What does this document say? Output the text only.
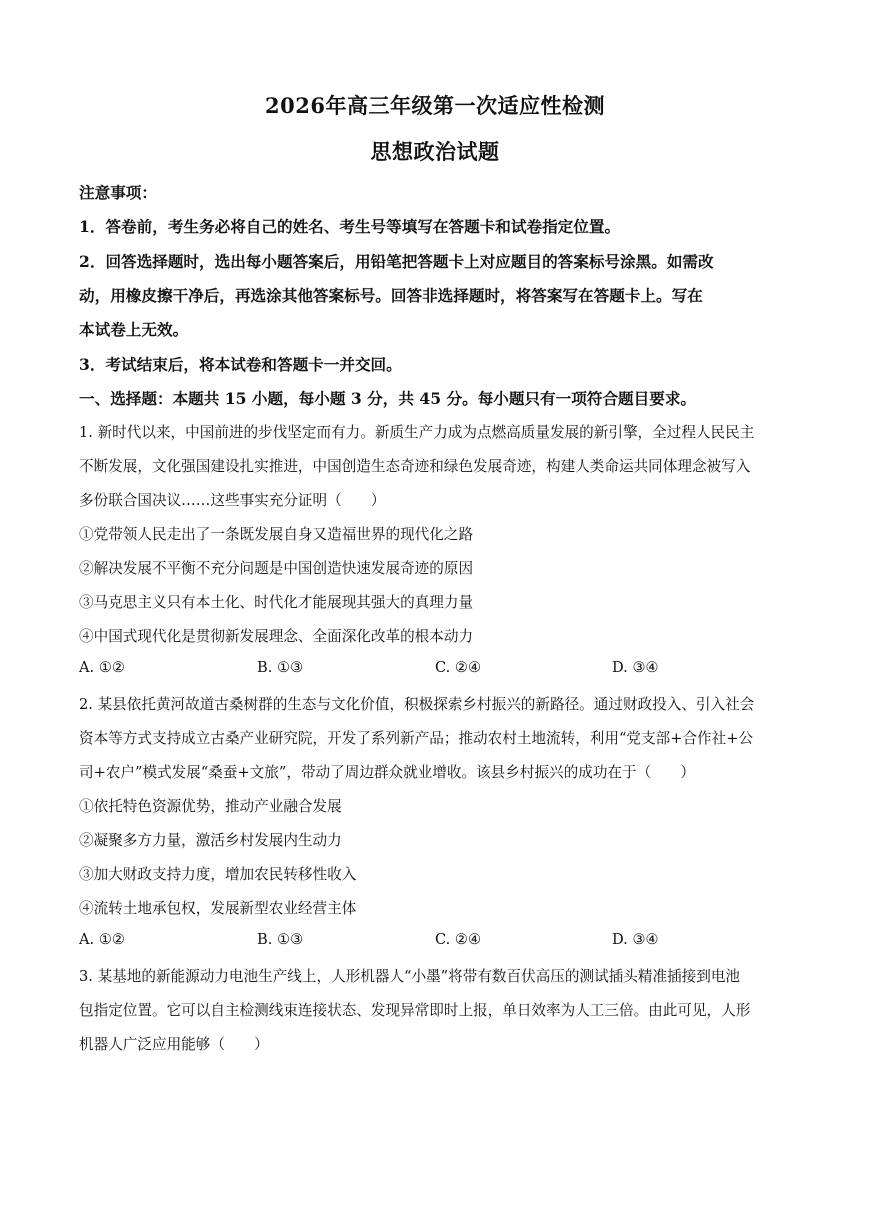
2026年高三年级第一次适应性检测
思想政治试题
注意事项：
1．答卷前，考生务必将自己的姓名、考生号等填写在答题卡和试卷指定位置。
2．回答选择题时，选出每小题答案后，用铅笔把答题卡上对应题目的答案标号涂黑。如需改
动，用橡皮擦干净后，再选涂其他答案标号。回答非选择题时，将答案写在答题卡上。写在
本试卷上无效。
3．考试结束后，将本试卷和答题卡一并交回。
一、选择题：本题共 15 小题，每小题 3 分，共 45 分。每小题只有一项符合题目要求。
1. 新时代以来，中国前进的步伐坚定而有力。新质生产力成为点燃高质量发展的新引擎，全过程人民民主
不断发展，文化强国建设扎实推进，中国创造生态奇迹和绿色发展奇迹，构建人类命运共同体理念被写入
多份联合国决议……这些事实充分证明（　　）
①党带领人民走出了一条既发展自身又造福世界的现代化之路
②解决发展不平衡不充分问题是中国创造快速发展奇迹的原因
③马克思主义只有本土化、时代化才能展现其强大的真理力量
④中国式现代化是贯彻新发展理念、全面深化改革的根本动力
A. ①②	B. ①③	C. ②④	D. ③④
2. 某县依托黄河故道古桑树群的生态与文化价值，积极探索乡村振兴的新路径。通过财政投入、引入社会
资本等方式支持成立古桑产业研究院，开发了系列新产品；推动农村土地流转，利用“党支部+合作社+公
司+农户”模式发展“桑蚕+文旅”，带动了周边群众就业增收。该县乡村振兴的成功在于（　　）
①依托特色资源优势，推动产业融合发展
②凝聚多方力量，激活乡村发展内生动力
③加大财政支持力度，增加农民转移性收入
④流转土地承包权，发展新型农业经营主体
A. ①②	B. ①③	C. ②④	D. ③④
3. 某基地的新能源动力电池生产线上，人形机器人“小墨”将带有数百伏高压的测试插头精准插接到电池
包指定位置。它可以自主检测线束连接状态、发现异常即时上报，单日效率为人工三倍。由此可见，人形
机器人广泛应用能够（　　）
